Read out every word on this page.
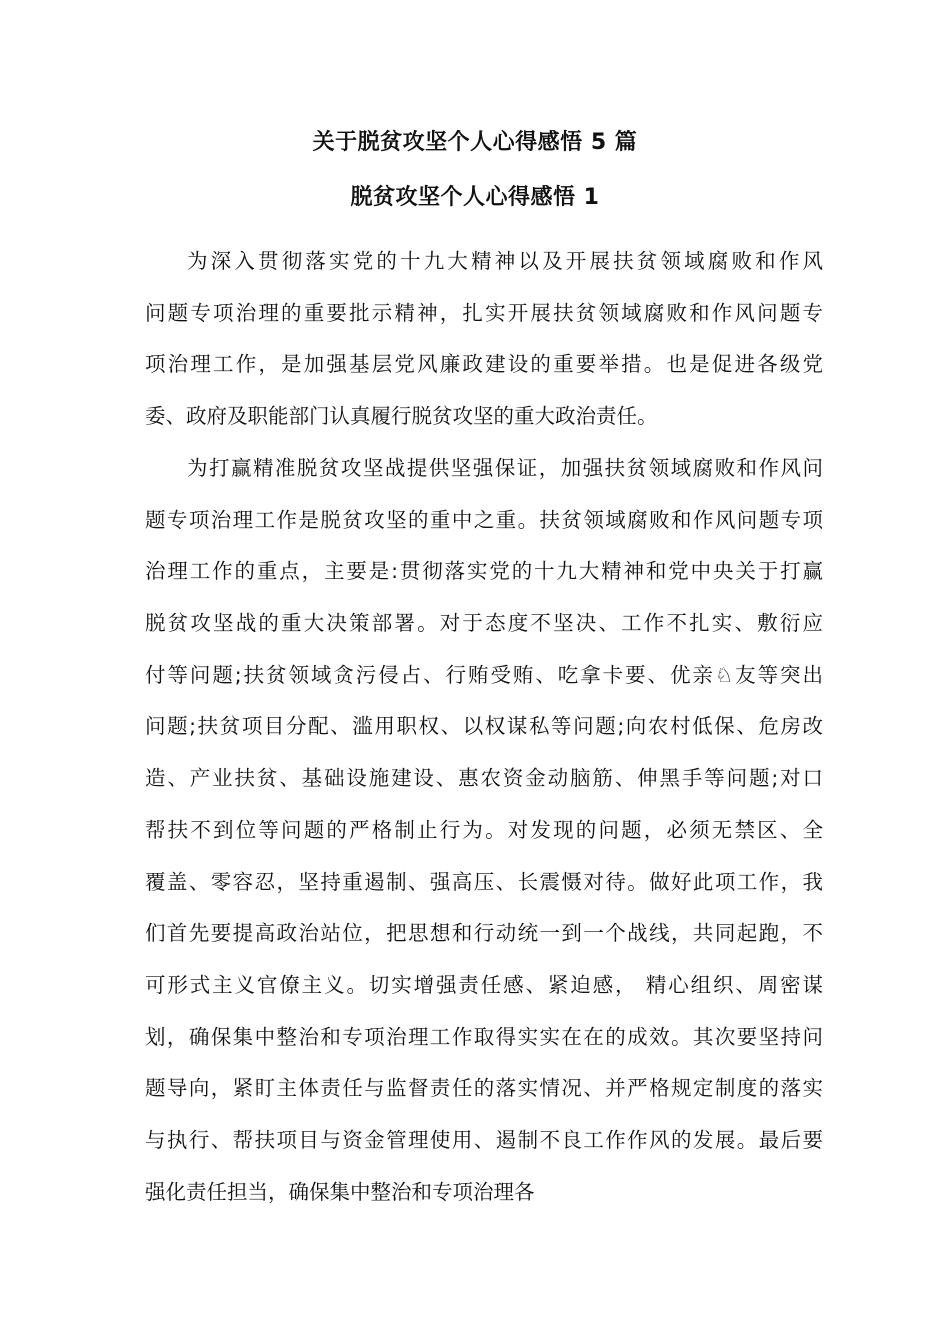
关于脱贫攻坚个人心得感悟 5 篇
脱贫攻坚个人心得感悟 1
为深入贯彻落实党的十九大精神以及开展扶贫领域腐败和作风
问题专项治理的重要批示精神，扎实开展扶贫领域腐败和作风问题专
项治理工作，是加强基层党风廉政建设的重要举措。也是促进各级党
委、政府及职能部门认真履行脱贫攻坚的重大政治责任。
为打赢精准脱贫攻坚战提供坚强保证，加强扶贫领域腐败和作风问
题专项治理工作是脱贫攻坚的重中之重。扶贫领域腐败和作风问题专项
治理工作的重点，主要是:贯彻落实党的十九大精神和党中央关于打赢
脱贫攻坚战的重大决策部署。对于态度不坚决、工作不扎实、敷衍应
付等问题;扶贫领域贪污侵占、行贿受贿、吃拿卡要、优亲♘友等突出
问题;扶贫项目分配、滥用职权、以权谋私等问题;向农村低保、危房改
造、产业扶贫、基础设施建设、惠农资金动脑筋、伸黑手等问题;对口
帮扶不到位等问题的严格制止行为。对发现的问题，必须无禁区、全
覆盖、零容忍，坚持重遏制、强高压、长震慑对待。做好此项工作，我
们首先要提高政治站位，把思想和行动统一到一个战线，共同起跑，不
可形式主义官僚主义。切实增强责任感、紧迫感， 精心组织、周密谋
划，确保集中整治和专项治理工作取得实实在在的成效。其次要坚持问
题导向，紧盯主体责任与监督责任的落实情况、并严格规定制度的落实
与执行、帮扶项目与资金管理使用、遏制不良工作作风的发展。最后要
强化责任担当，确保集中整治和专项治理各
